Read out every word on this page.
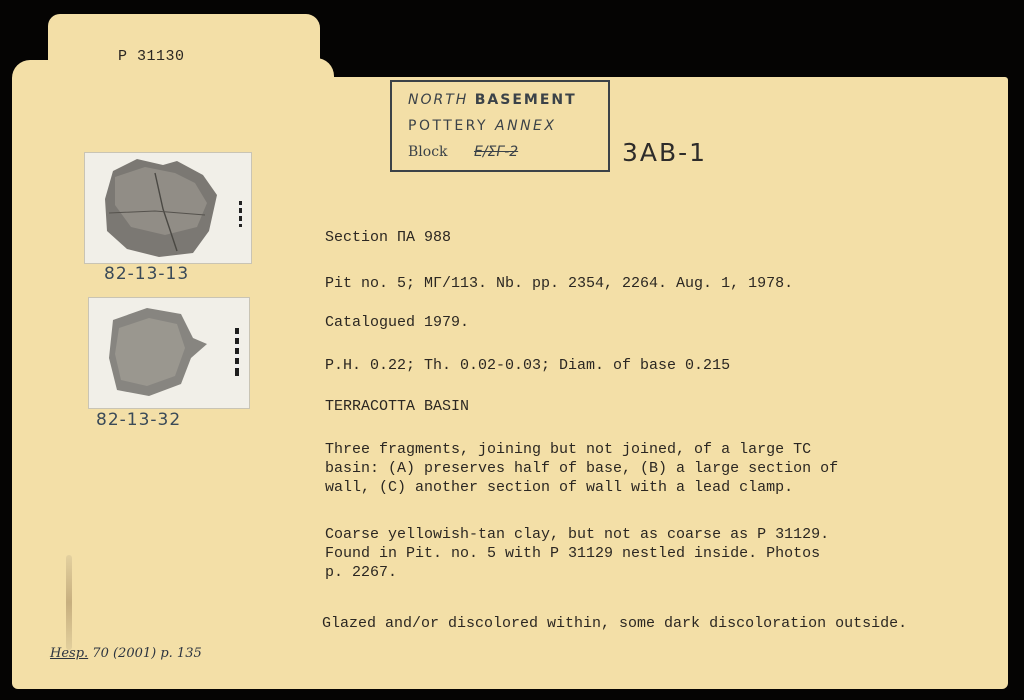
P 31130
NORTH BASEMENT
POTTERY ANNEX
Block E/ΣΓ-2	3AB-1
82-13-13
82-13-32
Section ΠA 988
Pit no. 5; ΜΓ/113. Nb. pp. 2354, 2264. Aug. 1, 1978.
Catalogued 1979.
P.H. 0.22; Th. 0.02-0.03; Diam. of base 0.215
TERRACOTTA BASIN
Three fragments, joining but not joined, of a large TC
basin: (A) preserves half of base, (B) a large section of
wall, (C) another section of wall with a lead clamp.
Coarse yellowish-tan clay, but not as coarse as P 31129.
Found in Pit. no. 5 with P 31129 nestled inside. Photos
p. 2267.
Glazed and/or discolored within, some dark discoloration outside.
Hesp. 70 (2001) p. 135
